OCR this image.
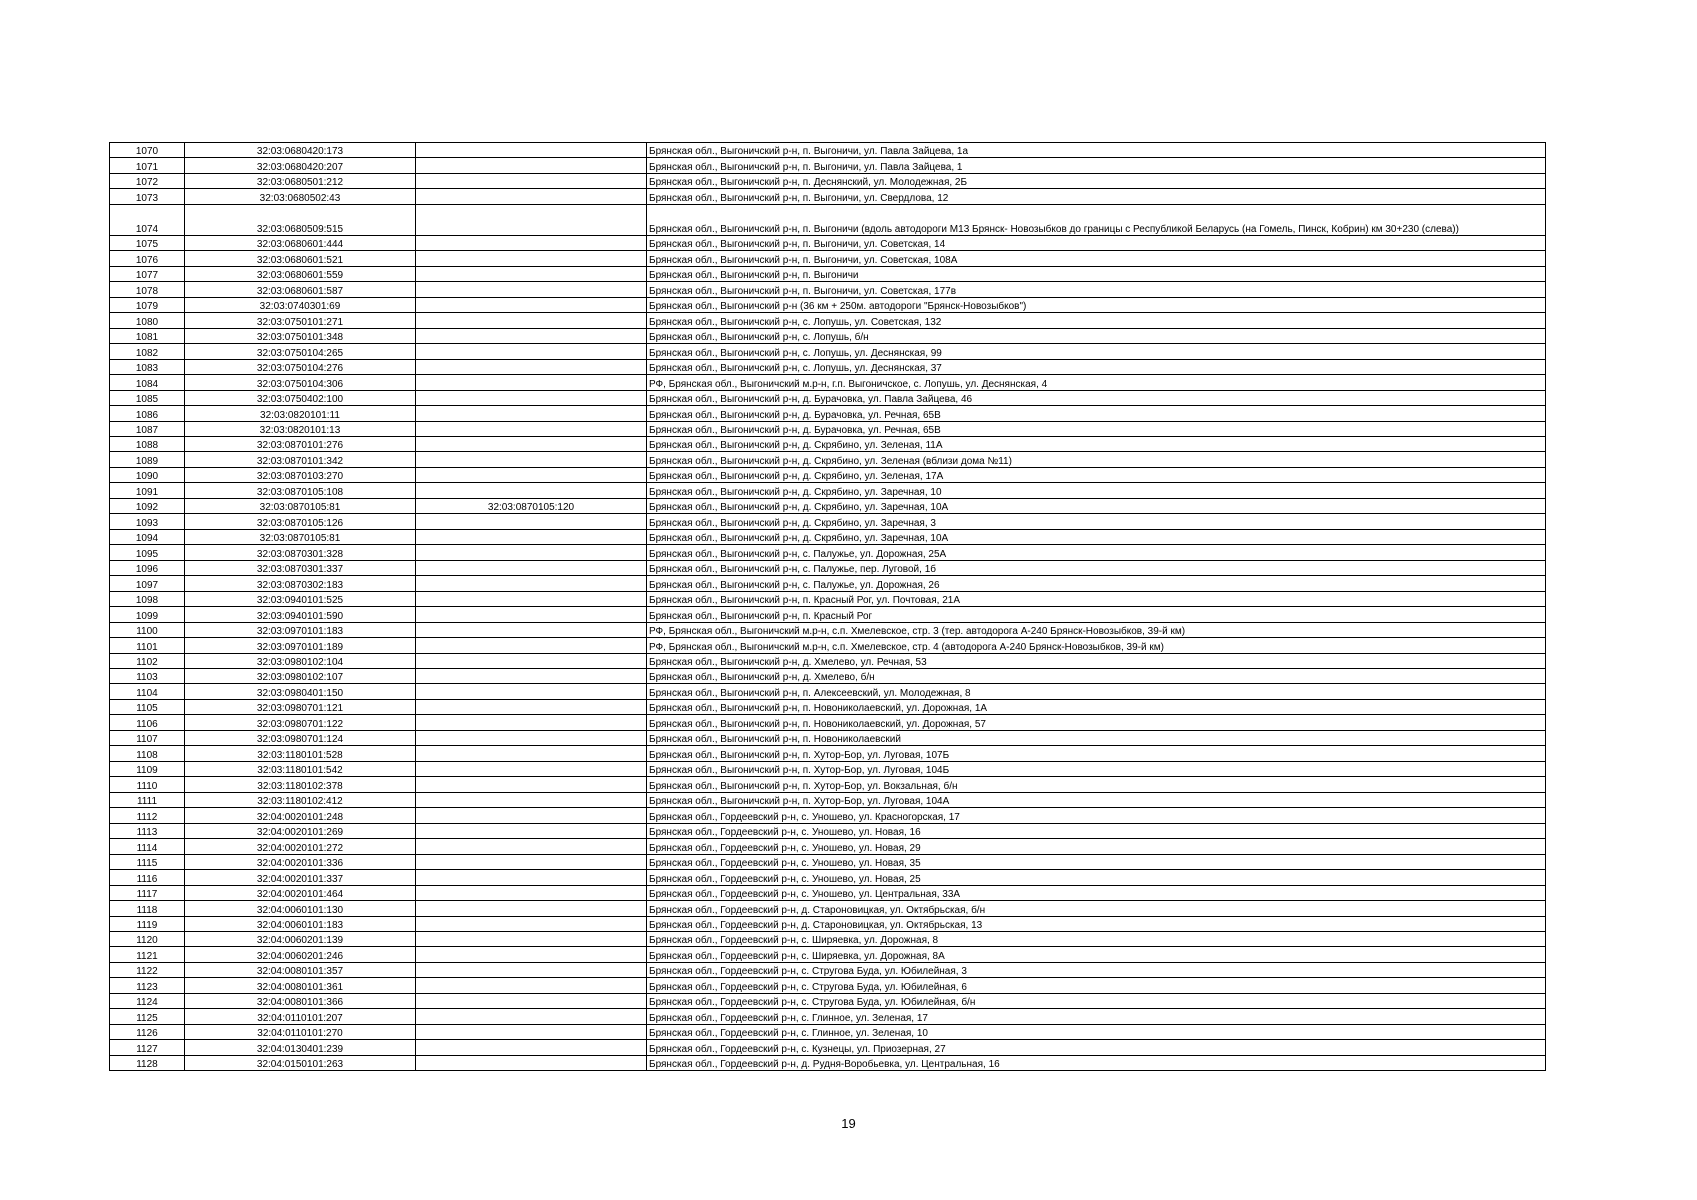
1070	32:03:0680420:173		Брянская обл., Выгоничский р-н, п. Выгоничи, ул. Павла Зайцева, 1а
1071	32:03:0680420:207		Брянская обл., Выгоничский р-н, п. Выгоничи, ул. Павла Зайцева, 1
1072	32:03:0680501:212		Брянская обл., Выгоничский р-н, п. Деснянский, ул. Молодежная, 2Б
1073	32:03:0680502:43		Брянская обл., Выгоничский р-н, п. Выгоничи, ул. Свердлова, 12
1074	32:03:0680509:515		Брянская обл., Выгоничский р-н, п. Выгоничи (вдоль автодороги М13 Брянск- Новозыбков до границы с Республикой Беларусь (на Гомель, Пинск, Кобрин) км 30+230 (слева))
1075	32:03:0680601:444		Брянская обл., Выгоничский р-н, п. Выгоничи, ул. Советская, 14
1076	32:03:0680601:521		Брянская обл., Выгоничский р-н, п. Выгоничи, ул. Советская, 108А
1077	32:03:0680601:559		Брянская обл., Выгоничский р-н, п. Выгоничи
1078	32:03:0680601:587		Брянская обл., Выгоничский р-н, п. Выгоничи, ул. Советская, 177в
1079	32:03:0740301:69		Брянская обл., Выгоничский р-н (36 км + 250м. автодороги "Брянск-Новозыбков")
1080	32:03:0750101:271		Брянская обл., Выгоничский р-н, с. Лопушь, ул. Советская, 132
1081	32:03:0750101:348		Брянская обл., Выгоничский р-н, с. Лопушь, б/н
1082	32:03:0750104:265		Брянская обл., Выгоничский р-н, с. Лопушь, ул. Деснянская, 99
1083	32:03:0750104:276		Брянская обл., Выгоничский р-н, с. Лопушь, ул. Деснянская, 37
1084	32:03:0750104:306		РФ, Брянская обл., Выгоничский м.р-н, г.п. Выгоничское, с. Лопушь, ул. Деснянская, 4
1085	32:03:0750402:100		Брянская обл., Выгоничский р-н, д. Бурачовка, ул. Павла Зайцева, 46
1086	32:03:0820101:11		Брянская обл., Выгоничский р-н, д. Бурачовка, ул. Речная, 65В
1087	32:03:0820101:13		Брянская обл., Выгоничский р-н, д. Бурачовка, ул. Речная, 65В
1088	32:03:0870101:276		Брянская обл., Выгоничский р-н, д. Скрябино, ул. Зеленая, 11А
1089	32:03:0870101:342		Брянская обл., Выгоничский р-н, д. Скрябино, ул. Зеленая (вблизи дома №11)
1090	32:03:0870103:270		Брянская обл., Выгоничский р-н, д. Скрябино, ул. Зеленая, 17А
1091	32:03:0870105:108		Брянская обл., Выгоничский р-н, д. Скрябино, ул. Заречная, 10
1092	32:03:0870105:81	32:03:0870105:120	Брянская обл., Выгоничский р-н, д. Скрябино, ул. Заречная, 10А
1093	32:03:0870105:126		Брянская обл., Выгоничский р-н, д. Скрябино, ул. Заречная, 3
1094	32:03:0870105:81		Брянская обл., Выгоничский р-н, д. Скрябино, ул. Заречная, 10А
1095	32:03:0870301:328		Брянская обл., Выгоничский р-н, с. Палужье, ул. Дорожная, 25А
1096	32:03:0870301:337		Брянская обл., Выгоничский р-н, с. Палужье, пер. Луговой, 1б
1097	32:03:0870302:183		Брянская обл., Выгоничский р-н, с. Палужье, ул. Дорожная, 26
1098	32:03:0940101:525		Брянская обл., Выгоничский р-н, п. Красный Рог, ул. Почтовая, 21А
1099	32:03:0940101:590		Брянская обл., Выгоничский р-н, п. Красный Рог
1100	32:03:0970101:183		РФ, Брянская обл., Выгоничский м.р-н, с.п. Хмелевское, стр. 3 (тер. автодорога А-240 Брянск-Новозыбков, 39-й км)
1101	32:03:0970101:189		РФ, Брянская обл., Выгоничский м.р-н, с.п. Хмелевское, стр. 4 (автодорога А-240 Брянск-Новозыбков, 39-й км)
1102	32:03:0980102:104		Брянская обл., Выгоничский р-н, д. Хмелево, ул. Речная, 53
1103	32:03:0980102:107		Брянская обл., Выгоничский р-н, д. Хмелево, б/н
1104	32:03:0980401:150		Брянская обл., Выгоничский р-н, п. Алексеевский, ул. Молодежная, 8
1105	32:03:0980701:121		Брянская обл., Выгоничский р-н, п. Новониколаевский, ул. Дорожная, 1А
1106	32:03:0980701:122		Брянская обл., Выгоничский р-н, п. Новониколаевский, ул. Дорожная, 57
1107	32:03:0980701:124		Брянская обл., Выгоничский р-н, п. Новониколаевский
1108	32:03:1180101:528		Брянская обл., Выгоничский р-н, п. Хутор-Бор, ул. Луговая, 107Б
1109	32:03:1180101:542		Брянская обл., Выгоничский р-н, п. Хутор-Бор, ул. Луговая, 104Б
1110	32:03:1180102:378		Брянская обл., Выгоничский р-н, п. Хутор-Бор, ул. Вокзальная, б/н
1111	32:03:1180102:412		Брянская обл., Выгоничский р-н, п. Хутор-Бор, ул. Луговая, 104А
1112	32:04:0020101:248		Брянская обл., Гордеевский р-н, с. Уношево, ул. Красногорская, 17
1113	32:04:0020101:269		Брянская обл., Гордеевский р-н, с. Уношево, ул. Новая, 16
1114	32:04:0020101:272		Брянская обл., Гордеевский р-н, с. Уношево, ул. Новая, 29
1115	32:04:0020101:336		Брянская обл., Гордеевский р-н, с. Уношево, ул. Новая, 35
1116	32:04:0020101:337		Брянская обл., Гордеевский р-н, с. Уношево, ул. Новая, 25
1117	32:04:0020101:464		Брянская обл., Гордеевский р-н, с. Уношево, ул. Центральная, 33А
1118	32:04:0060101:130		Брянская обл., Гордеевский р-н, д. Староновицкая, ул. Октябрьская, б/н
1119	32:04:0060101:183		Брянская обл., Гордеевский р-н, д. Староновицкая, ул. Октябрьская, 13
1120	32:04:0060201:139		Брянская обл., Гордеевский р-н, с. Ширяевка, ул. Дорожная, 8
1121	32:04:0060201:246		Брянская обл., Гордеевский р-н, с. Ширяевка, ул. Дорожная, 8А
1122	32:04:0080101:357		Брянская обл., Гордеевский р-н, с. Стругова Буда, ул. Юбилейная, 3
1123	32:04:0080101:361		Брянская обл., Гордеевский р-н, с. Стругова Буда, ул. Юбилейная, 6
1124	32:04:0080101:366		Брянская обл., Гордеевский р-н, с. Стругова Буда, ул. Юбилейная, б/н
1125	32:04:0110101:207		Брянская обл., Гордеевский р-н, с. Глинное, ул. Зеленая, 17
1126	32:04:0110101:270		Брянская обл., Гордеевский р-н, с. Глинное, ул. Зеленая, 10
1127	32:04:0130401:239		Брянская обл., Гордеевский р-н, с. Кузнецы, ул. Приозерная, 27
1128	32:04:0150101:263		Брянская обл., Гордеевский р-н, д. Рудня-Воробьевка, ул. Центральная, 16
19
